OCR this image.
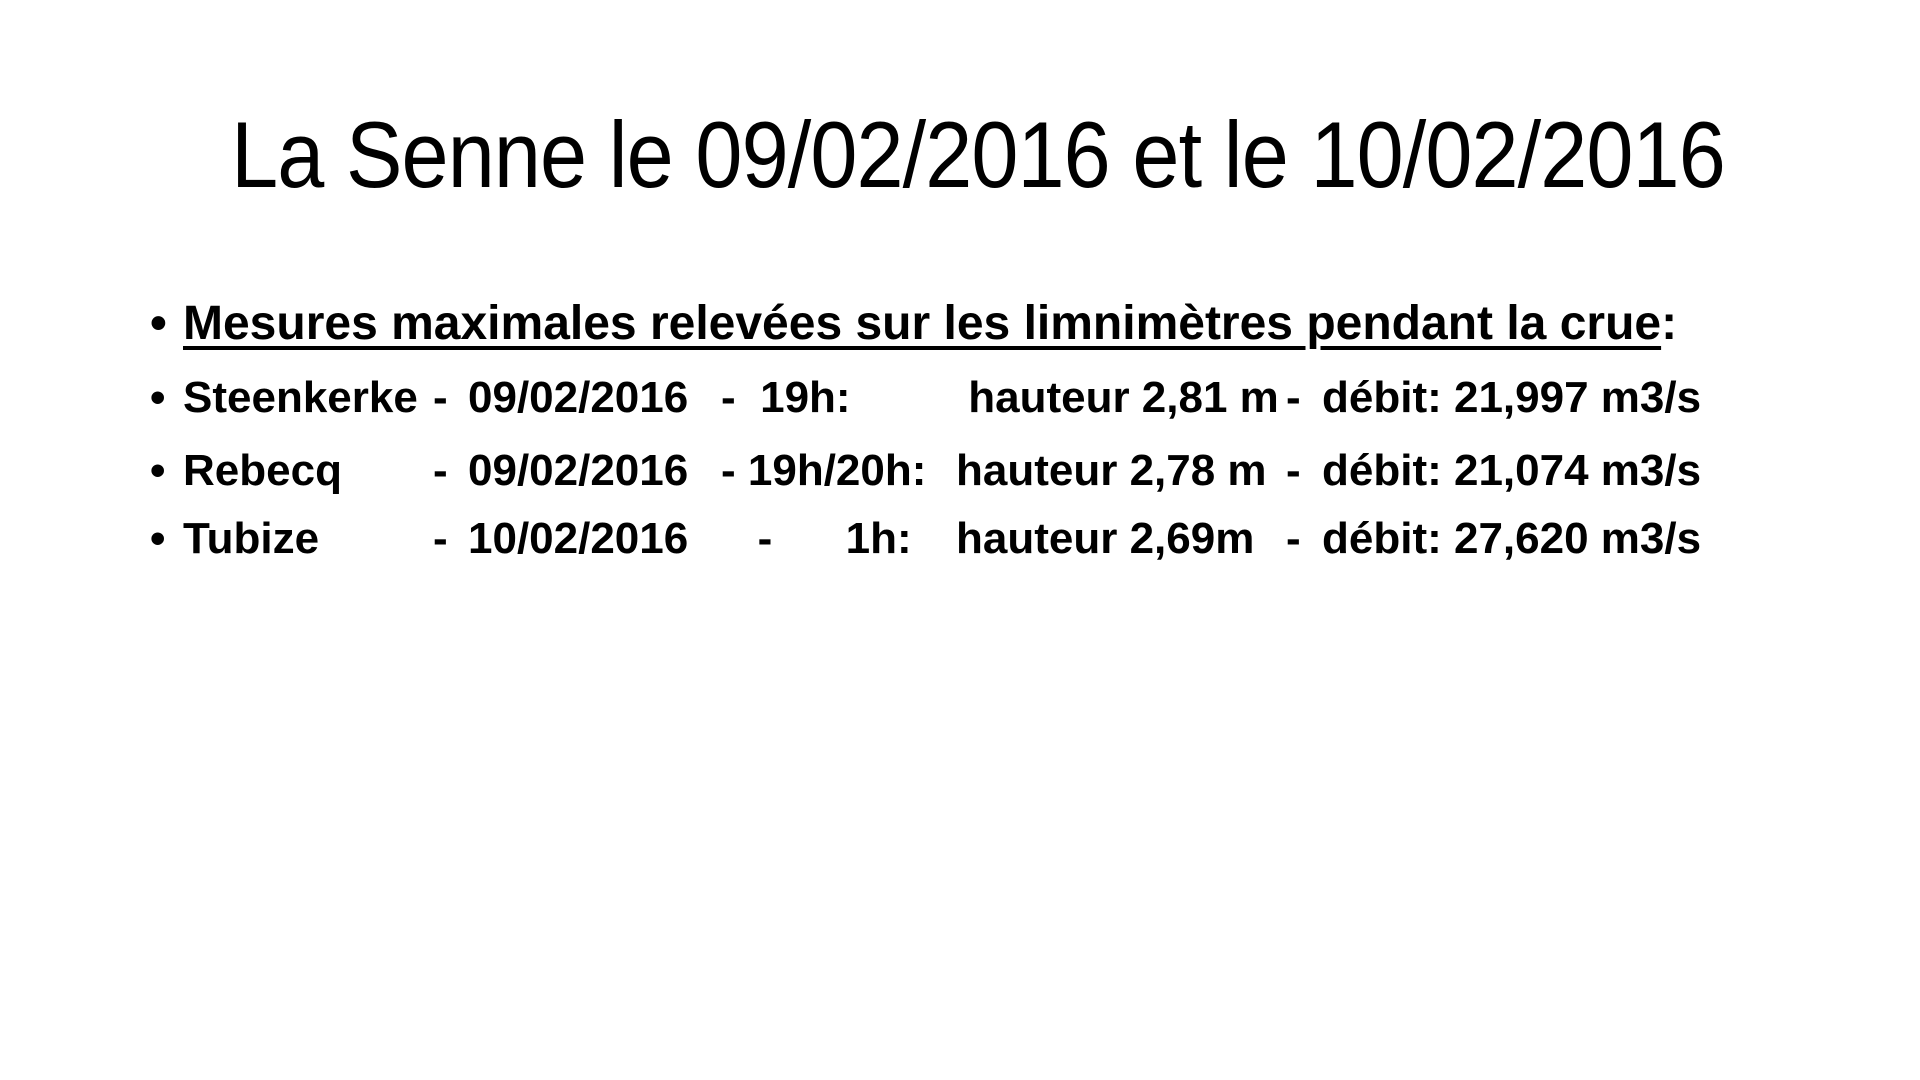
La Senne le 09/02/2016 et le 10/02/2016
• Mesures maximales relevées sur les limnimètres pendant la crue:
• Steenkerke - 09/02/2016 -  19h: hauteur 2,81 m - débit: 21,997 m3/s
• Rebecq - 09/02/2016 - 19h/20h: hauteur 2,78 m - débit: 21,074 m3/s
• Tubize	- 10/02/2016   -      1h: hauteur 2,69m - débit: 27,620 m3/s
